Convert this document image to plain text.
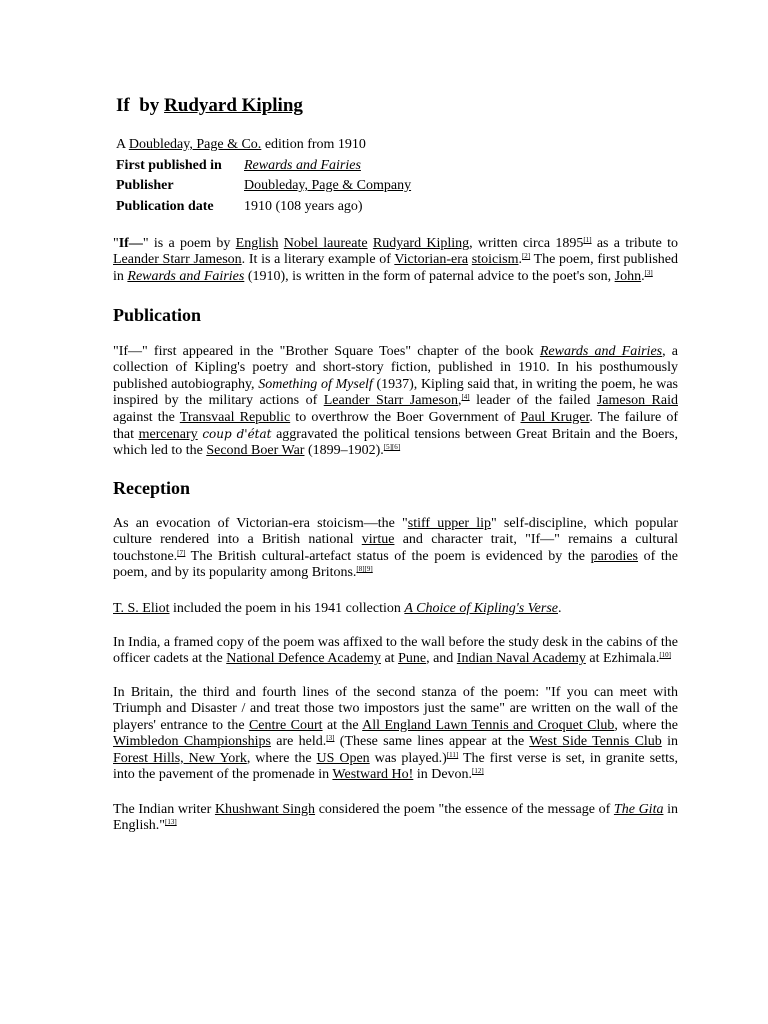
If  by Rudyard Kipling
A Doubleday, Page & Co. edition from 1910
First published in Rewards and Fairies
Publisher	Doubleday, Page & Company
Publication date 1910 (108 years ago)

"If—" is a poem by English Nobel laureate Rudyard Kipling, written circa 1895[1] as a tribute to Leander Starr Jameson. It is a literary example of Victorian-era stoicism.[2] The poem, first published in Rewards and Fairies (1910), is written in the form of paternal advice to the poet's son, John.[3]

Publication

"If—" first appeared in the "Brother Square Toes" chapter of the book Rewards and Fairies, a collection of Kipling's poetry and short-story fiction, published in 1910. In his posthumously published autobiography, Something of Myself (1937), Kipling said that, in writing the poem, he was inspired by the military actions of Leander Starr Jameson,[4] leader of the failed Jameson Raid against the Transvaal Republic to overthrow the Boer Government of Paul Kruger. The failure of that mercenary coup d'état aggravated the political tensions between Great Britain and the Boers, which led to the Second Boer War (1899–1902).[5][6]

Reception

As an evocation of Victorian-era stoicism—the "stiff upper lip" self-discipline, which popular culture rendered into a British national virtue and character trait, "If—" remains a cultural touchstone.[7] The British cultural-artefact status of the poem is evidenced by the parodies of the poem, and by its popularity among Britons.[8][9]

T. S. Eliot included the poem in his 1941 collection A Choice of Kipling's Verse.

In India, a framed copy of the poem was affixed to the wall before the study desk in the cabins of the officer cadets at the National Defence Academy at Pune, and Indian Naval Academy at Ezhimala.[10]

In Britain, the third and fourth lines of the second stanza of the poem: "If you can meet with Triumph and Disaster / and treat those two impostors just the same" are written on the wall of the players' entrance to the Centre Court at the All England Lawn Tennis and Croquet Club, where the Wimbledon Championships are held.[3] (These same lines appear at the West Side Tennis Club in Forest Hills, New York, where the US Open was played.)[11] The first verse is set, in granite setts, into the pavement of the promenade in Westward Ho! in Devon.[12]

The Indian writer Khushwant Singh considered the poem "the essence of the message of The Gita in English."[13]
